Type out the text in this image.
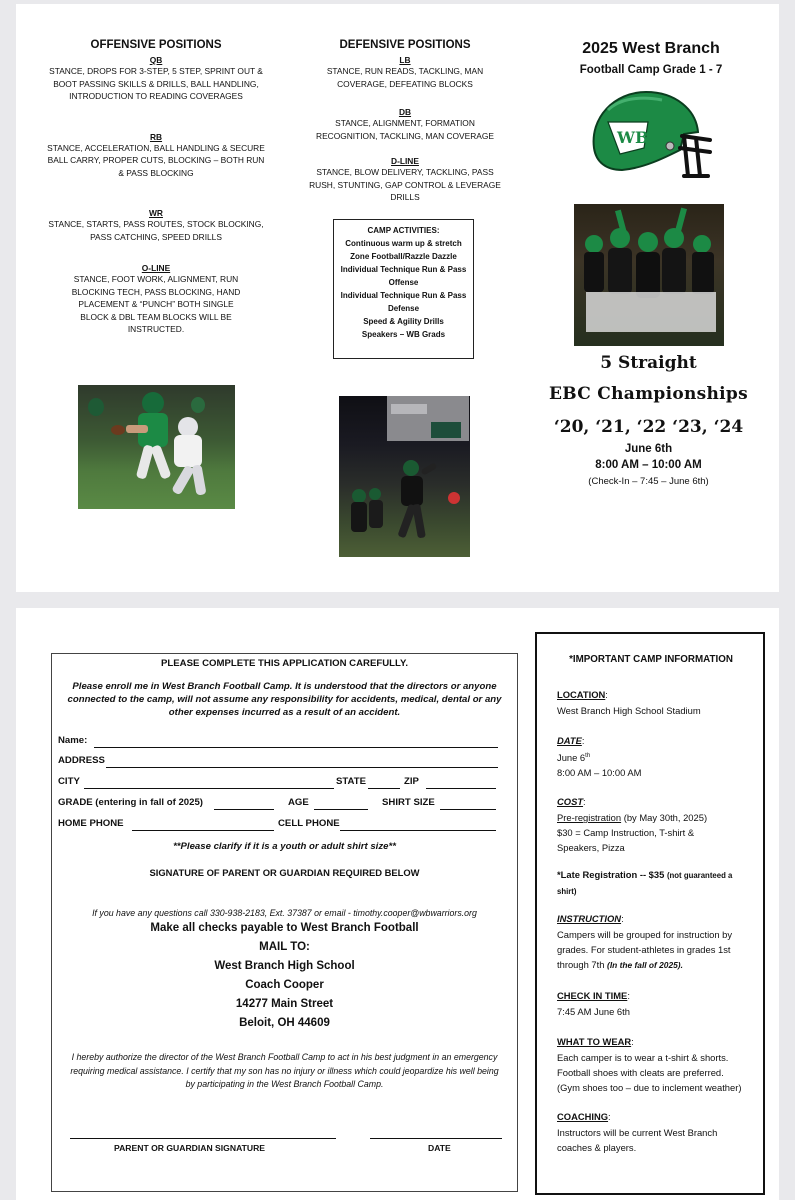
OFFENSIVE POSITIONS
QB
STANCE, DROPS FOR 3-STEP, 5 STEP, SPRINT OUT & BOOT PASSING SKILLS & DRILLS, BALL HANDLING, INTRODUCTION TO READING COVERAGES
RB
STANCE, ACCELERATION, BALL HANDLING & SECURE BALL CARRY, PROPER CUTS, BLOCKING – BOTH RUN & PASS BLOCKING
WR
STANCE, STARTS, PASS ROUTES, STOCK BLOCKING, PASS CATCHING, SPEED DRILLS
O-LINE
STANCE, FOOT WORK, ALIGNMENT, RUN BLOCKING TECH, PASS BLOCKING, HAND PLACEMENT & “PUNCH” BOTH SINGLE BLOCK & DBL TEAM BLOCKS WILL BE INSTRUCTED.
DEFENSIVE POSITIONS
LB
STANCE, RUN READS, TACKLING, MAN COVERAGE, DEFEATING BLOCKS
DB
STANCE, ALIGNMENT, FORMATION RECOGNITION, TACKLING, MAN COVERAGE
D-LINE
STANCE, BLOW DELIVERY, TACKLING, PASS RUSH, STUNTING, GAP CONTROL & LEVERAGE DRILLS
CAMP ACTIVITIES:
Continuous warm up & stretch
Zone Football/Razzle Dazzle
Individual Technique Run & Pass Offense
Individual Technique Run & Pass Defense
Speed & Agility Drills
Speakers – WB Grads
2025 West Branch
Football Camp Grade 1 - 7
WB
5 Straight
EBC Championships
‘20, ‘21, ‘22 ‘23, ‘24
June 6th
8:00 AM – 10:00 AM
(Check-In – 7:45 – June 6th)
PLEASE COMPLETE THIS APPLICATION CAREFULLY.
Please enroll me in West Branch Football Camp. It is understood that the directors or anyone connected to the camp, will not assume any responsibility for accidents, medical, dental or any other expenses incurred as a result of an accident.
Name:
ADDRESS
CITY	STATE	ZIP
GRADE (entering in fall of 2025)	AGE	SHIRT SIZE
HOME PHONE	CELL PHONE
**Please clarify if it is a youth or adult shirt size**
SIGNATURE OF PARENT OR GUARDIAN REQUIRED BELOW
If you have any questions call 330-938-2183, Ext. 37387 or email - timothy.cooper@wbwarriors.org
Make all checks payable to West Branch Football
MAIL TO:
West Branch High School
Coach Cooper
14277 Main Street
Beloit, OH 44609
I hereby authorize the director of the West Branch Football Camp to act in his best judgment in an emergency requiring medical assistance. I certify that my son has no injury or illness which could jeopardize his well being by participating in the West Branch Football Camp.
PARENT OR GUARDIAN SIGNATURE	DATE
*IMPORTANT CAMP INFORMATION

LOCATION:

West Branch High School Stadium

DATE:

June 6th

8:00 AM – 10:00 AM

COST:

Pre-registration (by May 30th, 2025)

$30 = Camp Instruction, T-shirt &

Speakers, Pizza

*Late Registration -- $35 (not guaranteed a shirt)

INSTRUCTION:

Campers will be grouped for instruction by grades. For student-athletes in grades 1st through 7th (In the fall of 2025).

CHECK IN TIME:

7:45 AM June 6th

WHAT TO WEAR:

Each camper is to wear a t-shirt & shorts. Football shoes with cleats are preferred. (Gym shoes too – due to inclement weather)

COACHING:

Instructors will be current West Branch coaches & players.
